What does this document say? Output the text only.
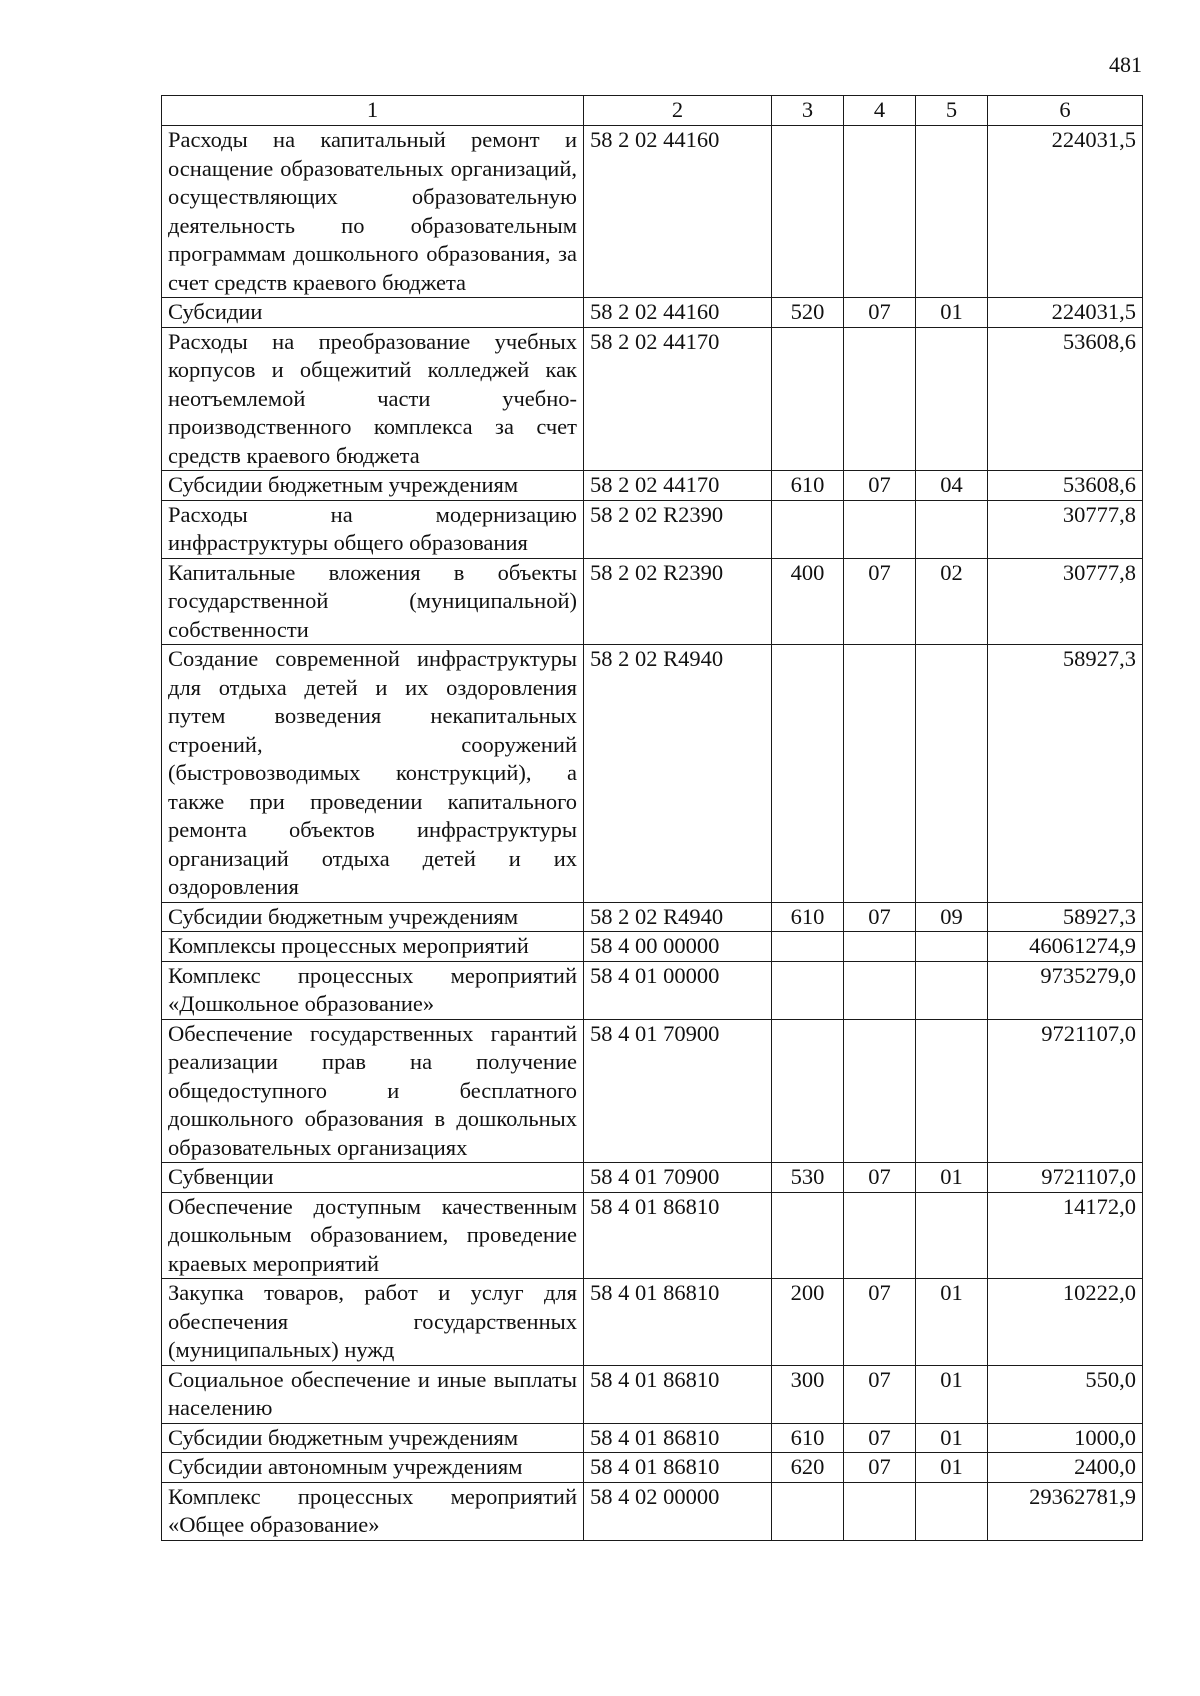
481
1	2	3	4	5	6
Расходы на капитальный ремонт и оснащение образовательных организаций, осуществляющих образовательную деятельность по образовательным программам дошкольного образования, за счет средств краевого бюджета	58 2 02 44160				224031,5
Субсидии	58 2 02 44160	520	07	01	224031,5
Расходы на преобразование учебных корпусов и общежитий колледжей как неотъемлемой части учебно-производственного комплекса за счет средств краевого бюджета	58 2 02 44170				53608,6
Субсидии бюджетным учреждениям	58 2 02 44170	610	07	04	53608,6
Расходы на модернизацию инфраструктуры общего образования	58 2 02 R2390				30777,8
Капитальные вложения в объекты государственной (муниципальной) собственности	58 2 02 R2390	400	07	02	30777,8
Создание современной инфраструктуры для отдыха детей и их оздоровления путем возведения некапитальных строений, сооружений (быстровозводимых конструкций), а также при проведении капитального ремонта объектов инфраструктуры организаций отдыха детей и их оздоровления	58 2 02 R4940				58927,3
Субсидии бюджетным учреждениям	58 2 02 R4940	610	07	09	58927,3
Комплексы процессных мероприятий	58 4 00 00000				46061274,9
Комплекс процессных мероприятий «Дошкольное образование»	58 4 01 00000				9735279,0
Обеспечение государственных гарантий реализации прав на получение общедоступного и бесплатного дошкольного образования в дошкольных образовательных организациях	58 4 01 70900				9721107,0
Субвенции	58 4 01 70900	530	07	01	9721107,0
Обеспечение доступным качественным дошкольным образованием, проведение краевых мероприятий	58 4 01 86810				14172,0
Закупка товаров, работ и услуг для обеспечения государственных (муниципальных) нужд	58 4 01 86810	200	07	01	10222,0
Социальное обеспечение и иные выплаты населению	58 4 01 86810	300	07	01	550,0
Субсидии бюджетным учреждениям	58 4 01 86810	610	07	01	1000,0
Субсидии автономным учреждениям	58 4 01 86810	620	07	01	2400,0
Комплекс процессных мероприятий «Общее образование»	58 4 02 00000				29362781,9
